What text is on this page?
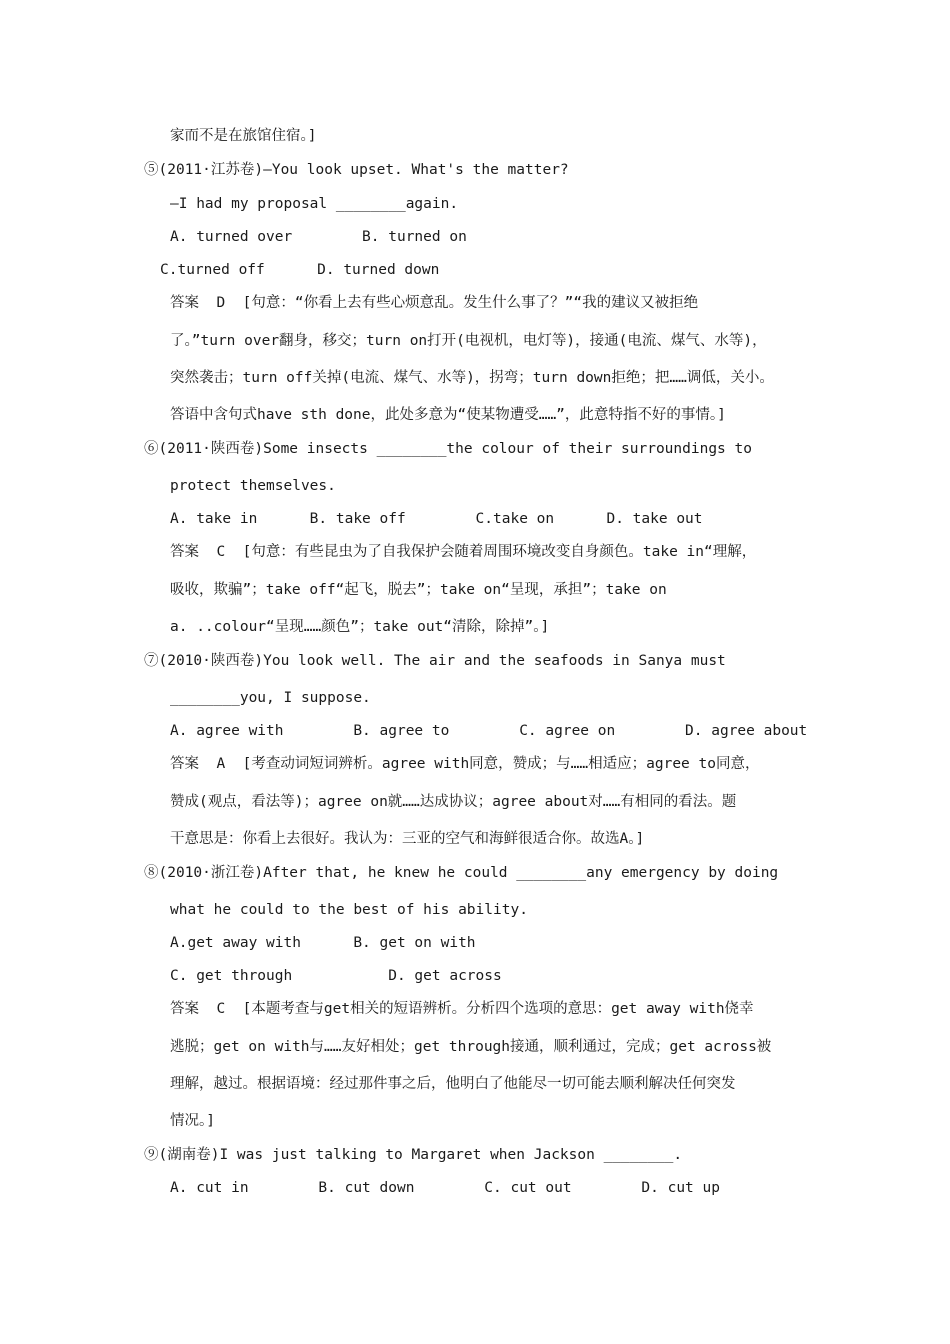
家而不是在旅馆住宿。]
⑤(2011·江苏卷)—You look upset. What's the matter?
—I had my proposal ________again.
A. turned over        B. turned on
C.turned off      D. turned down
答案  D  [句意：“你看上去有些心烦意乱。发生什么事了？”“我的建议又被拒绝
了。”turn over翻身，移交；turn on打开(电视机，电灯等)，接通(电流、煤气、水等)，
突然袭击；turn off关掉(电流、煤气、水等)，拐弯；turn down拒绝；把……调低，关小。
答语中含句式have sth done，此处多意为“使某物遭受……”，此意特指不好的事情。]
⑥(2011·陕西卷)Some insects ________the colour of their surroundings to
protect themselves.
A. take in      B. take off        C.take on      D. take out
答案  C  [句意：有些昆虫为了自我保护会随着周围环境改变自身颜色。take in“理解，
吸收，欺骗”；take off“起飞，脱去”；take on“呈现，承担”；take on
a. ..colour“呈现……颜色”；take out“清除，除掉”。]
⑦(2010·陕西卷)You look well. The air and the seafoods in Sanya must
________you, I suppose.
A. agree with        B. agree to        C. agree on        D. agree about
答案  A  [考查动词短词辨析。agree with同意，赞成；与……相适应；agree to同意，
赞成(观点，看法等)；agree on就……达成协议；agree about对……有相同的看法。题
干意思是：你看上去很好。我认为：三亚的空气和海鲜很适合你。故选A。]
⑧(2010·浙江卷)After that, he knew he could ________any emergency by doing
what he could to the best of his ability.
A.get away with      B. get on with
C. get through           D. get across
答案  C  [本题考查与get相关的短语辨析。分析四个选项的意思：get away with侥幸
逃脱；get on with与……友好相处；get through接通，顺利通过，完成；get across被
理解，越过。根据语境：经过那件事之后，他明白了他能尽一切可能去顺利解决任何突发
情况。]
⑨(湖南卷)I was just talking to Margaret when Jackson ________.
A. cut in        B. cut down        C. cut out        D. cut up
